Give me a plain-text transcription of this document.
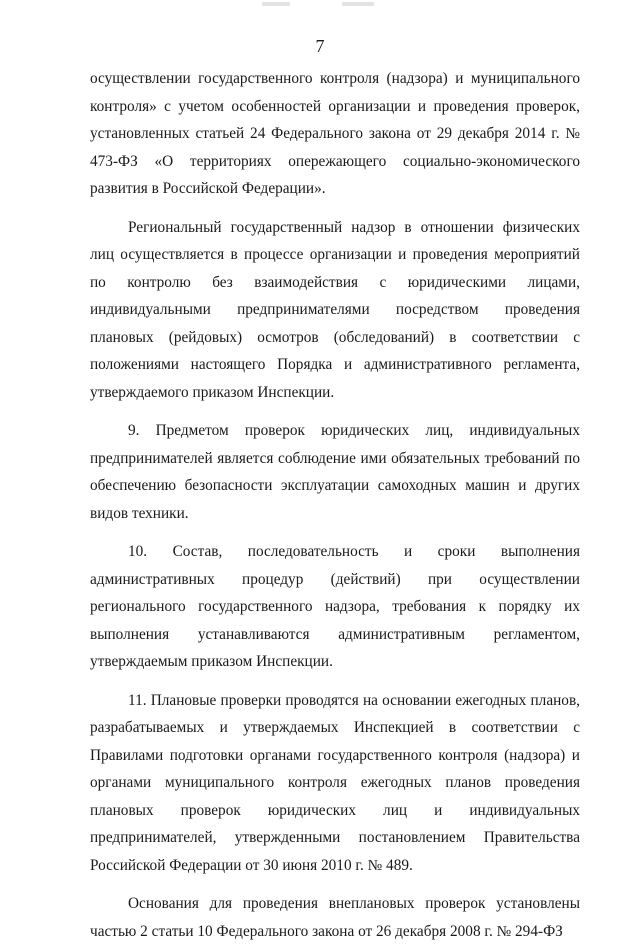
7

осуществлении государственного контроля (надзора) и муниципального контроля» с учетом особенностей организации и проведения проверок, установленных статьей 24 Федерального закона от 29 декабря 2014 г. № 473-ФЗ «О территориях опережающего социально-экономического развития в Российской Федерации».

Региональный государственный надзор в отношении физических лиц осуществляется в процессе организации и проведения мероприятий по контролю без взаимодействия с юридическими лицами, индивидуальными предпринимателями посредством проведения плановых (рейдовых) осмотров (обследований) в соответствии с положениями настоящего Порядка и административного регламента, утверждаемого приказом Инспекции.

9. Предметом проверок юридических лиц, индивидуальных предпринимателей является соблюдение ими обязательных требований по обеспечению безопасности эксплуатации самоходных машин и других видов техники.

10. Состав, последовательность и сроки выполнения административных процедур (действий) при осуществлении регионального государственного надзора, требования к порядку их выполнения устанавливаются административным регламентом, утверждаемым приказом Инспекции.

11. Плановые проверки проводятся на основании ежегодных планов, разрабатываемых и утверждаемых Инспекцией в соответствии с Правилами подготовки органами государственного контроля (надзора) и органами муниципального контроля ежегодных планов проведения плановых проверок юридических лиц и индивидуальных предпринимателей, утвержденными постановлением Правительства Российской Федерации от 30 июня 2010 г. № 489.

Основания для проведения внеплановых проверок установлены частью 2 статьи 10 Федерального закона от 26 декабря 2008 г. № 294-ФЗ
